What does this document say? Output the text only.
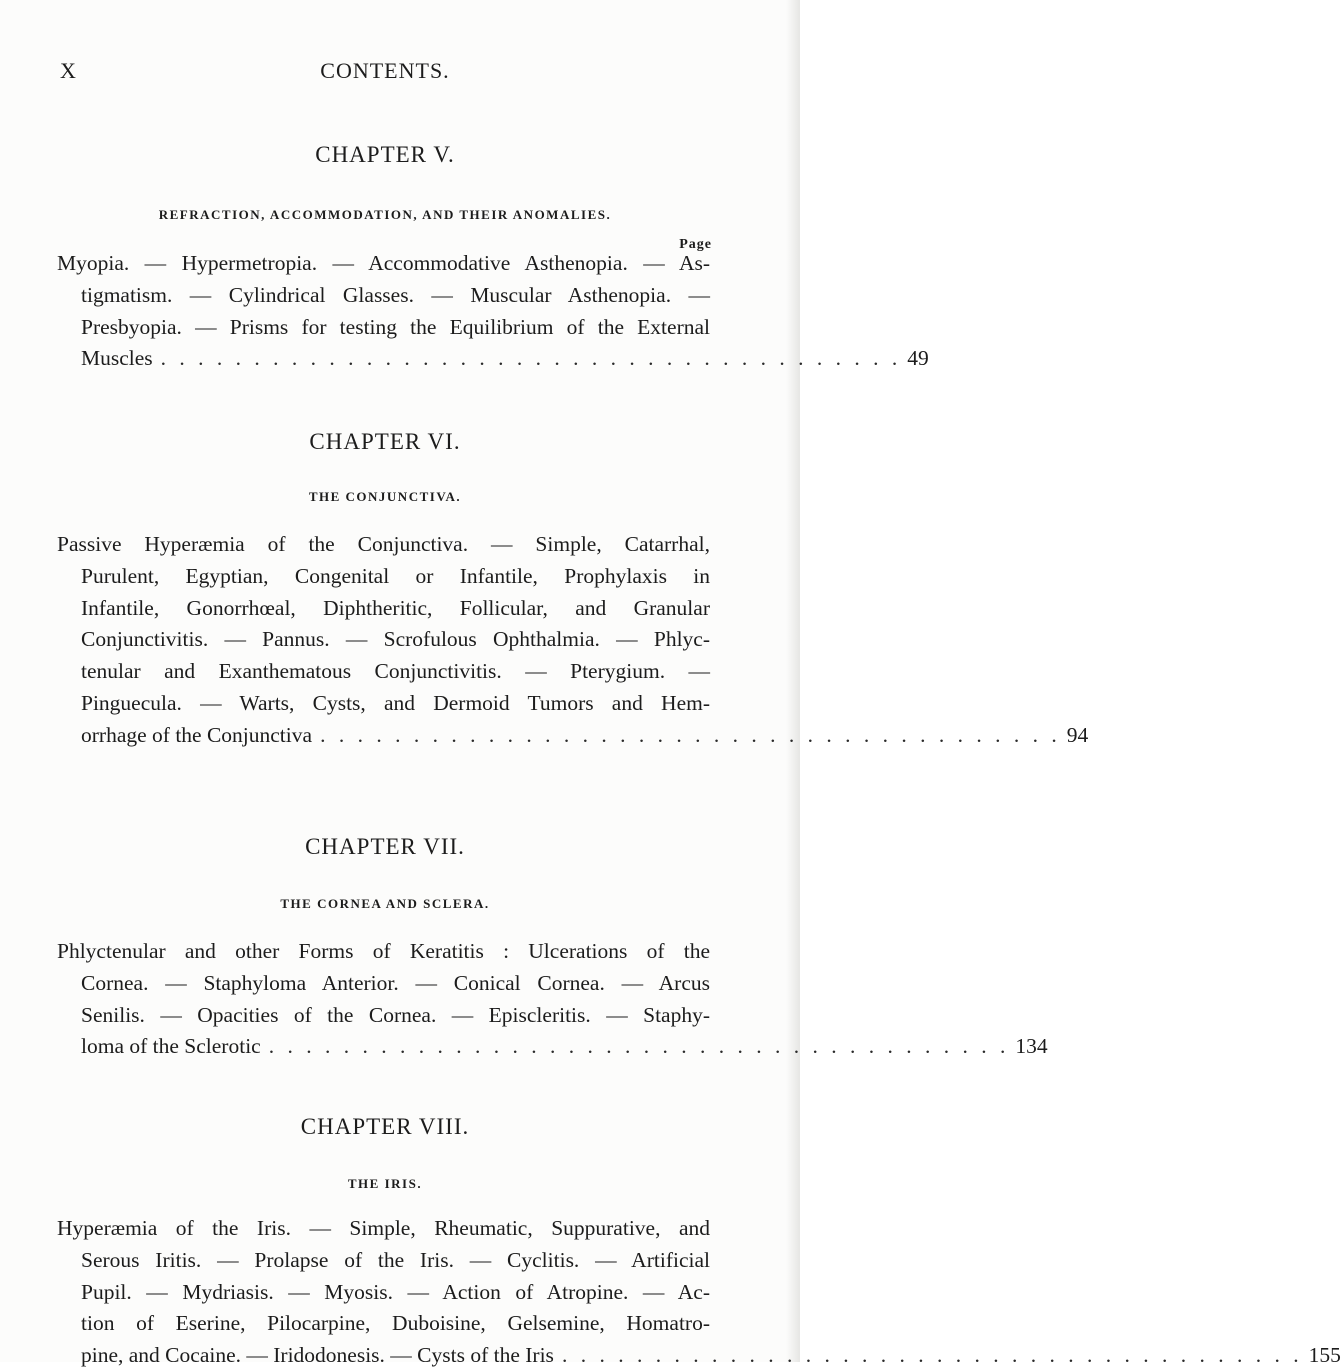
X	CONTENTS.
CHAPTER V.
REFRACTION, ACCOMMODATION, AND THEIR ANOMALIES.
Page
Myopia. — Hypermetropia. — Accommodative Asthenopia. — As-
tigmatism. — Cylindrical Glasses. — Muscular Asthenopia. —
Presbyopia. — Prisms for testing the Equilibrium of the External
Muscles . . . . . . . . . . . . . . . . . . . . . . . . . . . . . . . . . . . . . . . . 49
CHAPTER VI.
THE CONJUNCTIVA.
Passive Hyperæmia of the Conjunctiva. — Simple, Catarrhal,
Purulent, Egyptian, Congenital or Infantile, Prophylaxis in
Infantile, Gonorrhœal, Diphtheritic, Follicular, and Granular
Conjunctivitis. — Pannus. — Scrofulous Ophthalmia. — Phlyc-
tenular and Exanthematous Conjunctivitis. — Pterygium. —
Pinguecula. — Warts, Cysts, and Dermoid Tumors and Hem-
orrhage of the Conjunctiva . . . . . . . . . . . . . . . . . . . . . . . . . . . . . . . . . . . . . . . . 94
CHAPTER VII.
THE CORNEA AND SCLERA.
Phlyctenular and other Forms of Keratitis : Ulcerations of the
Cornea. — Staphyloma Anterior. — Conical Cornea. — Arcus
Senilis. — Opacities of the Cornea. — Episcleritis. — Staphy-
loma of the Sclerotic . . . . . . . . . . . . . . . . . . . . . . . . . . . . . . . . . . . . . . . . 134
CHAPTER VIII.
THE IRIS.
Hyperæmia of the Iris. — Simple, Rheumatic, Suppurative, and
Serous Iritis. — Prolapse of the Iris. — Cyclitis. — Artificial
Pupil. — Mydriasis. — Myosis. — Action of Atropine. — Ac-
tion of Eserine, Pilocarpine, Duboisine, Gelsemine, Homatro-
pine, and Cocaine. — Iridodonesis. — Cysts of the Iris . . . . . . . . . . . . . . . . . . . . . . . . . . . . . . . . . . . . . . . . 155
